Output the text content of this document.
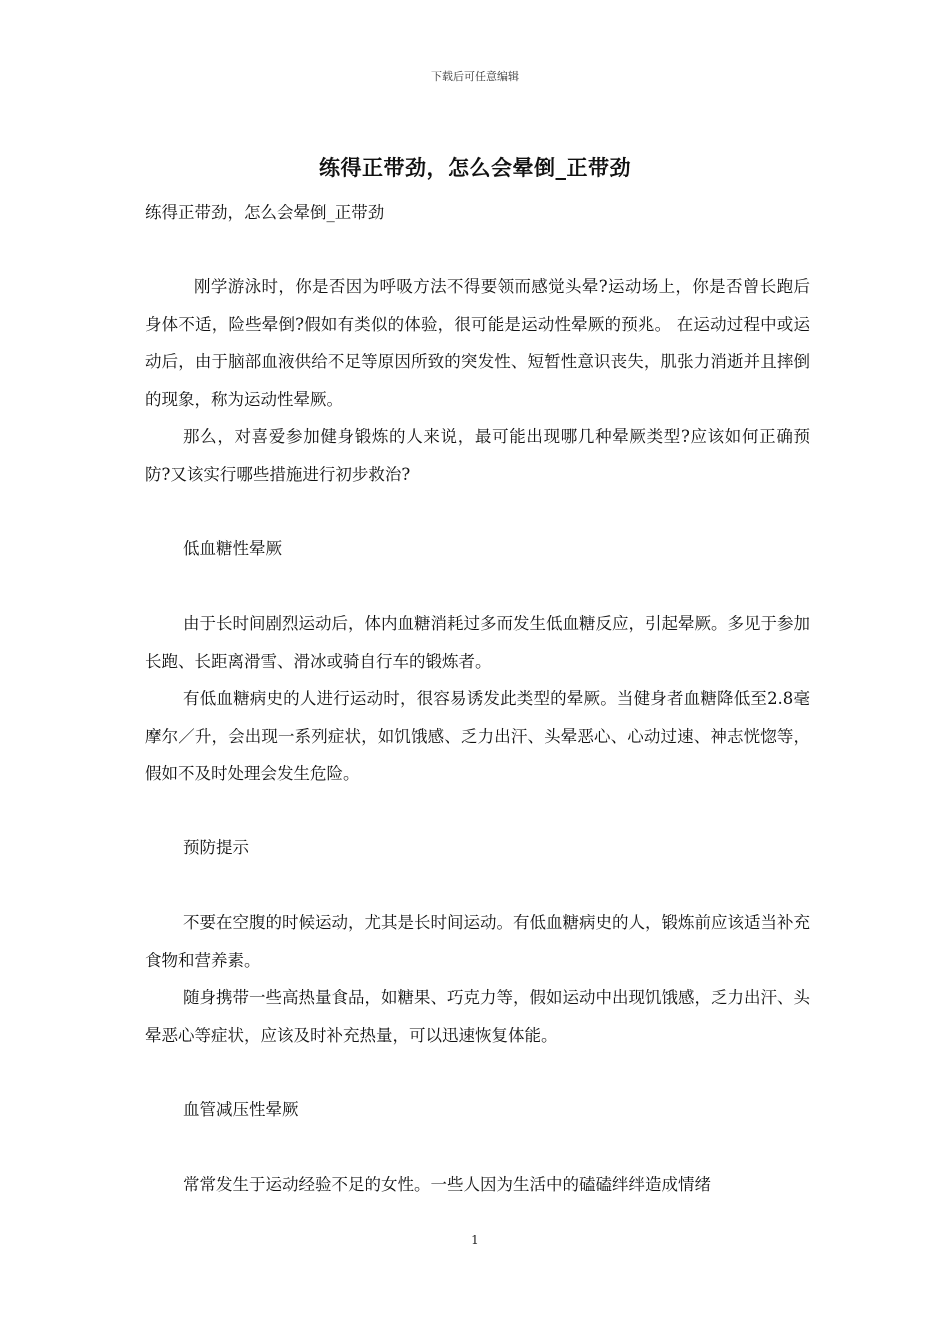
下载后可任意编辑
练得正带劲，怎么会晕倒_正带劲

练得正带劲，怎么会晕倒_正带劲

刚学游泳时，你是否因为呼吸方法不得要领而感觉头晕?运动场上，你是否曾长跑后身体不适，险些晕倒?假如有类似的体验，很可能是运动性晕厥的预兆。 在运动过程中或运动后，由于脑部血液供给不足等原因所致的突发性、短暂性意识丧失，肌张力消逝并且摔倒的现象，称为运动性晕厥。

那么，对喜爱参加健身锻炼的人来说，最可能出现哪几种晕厥类型?应该如何正确预防?又该实行哪些措施进行初步救治?

低血糖性晕厥

由于长时间剧烈运动后，体内血糖消耗过多而发生低血糖反应，引起晕厥。多见于参加长跑、长距离滑雪、滑冰或骑自行车的锻炼者。

有低血糖病史的人进行运动时，很容易诱发此类型的晕厥。当健身者血糖降低至2.8毫摩尔／升，会出现一系列症状，如饥饿感、乏力出汗、头晕恶心、心动过速、神志恍惚等，假如不及时处理会发生危险。

预防提示

不要在空腹的时候运动，尤其是长时间运动。有低血糖病史的人，锻炼前应该适当补充食物和营养素。

随身携带一些高热量食品，如糖果、巧克力等，假如运动中出现饥饿感，乏力出汗、头晕恶心等症状，应该及时补充热量，可以迅速恢复体能。

血管减压性晕厥

常常发生于运动经验不足的女性。一些人因为生活中的磕磕绊绊造成情绪

1
